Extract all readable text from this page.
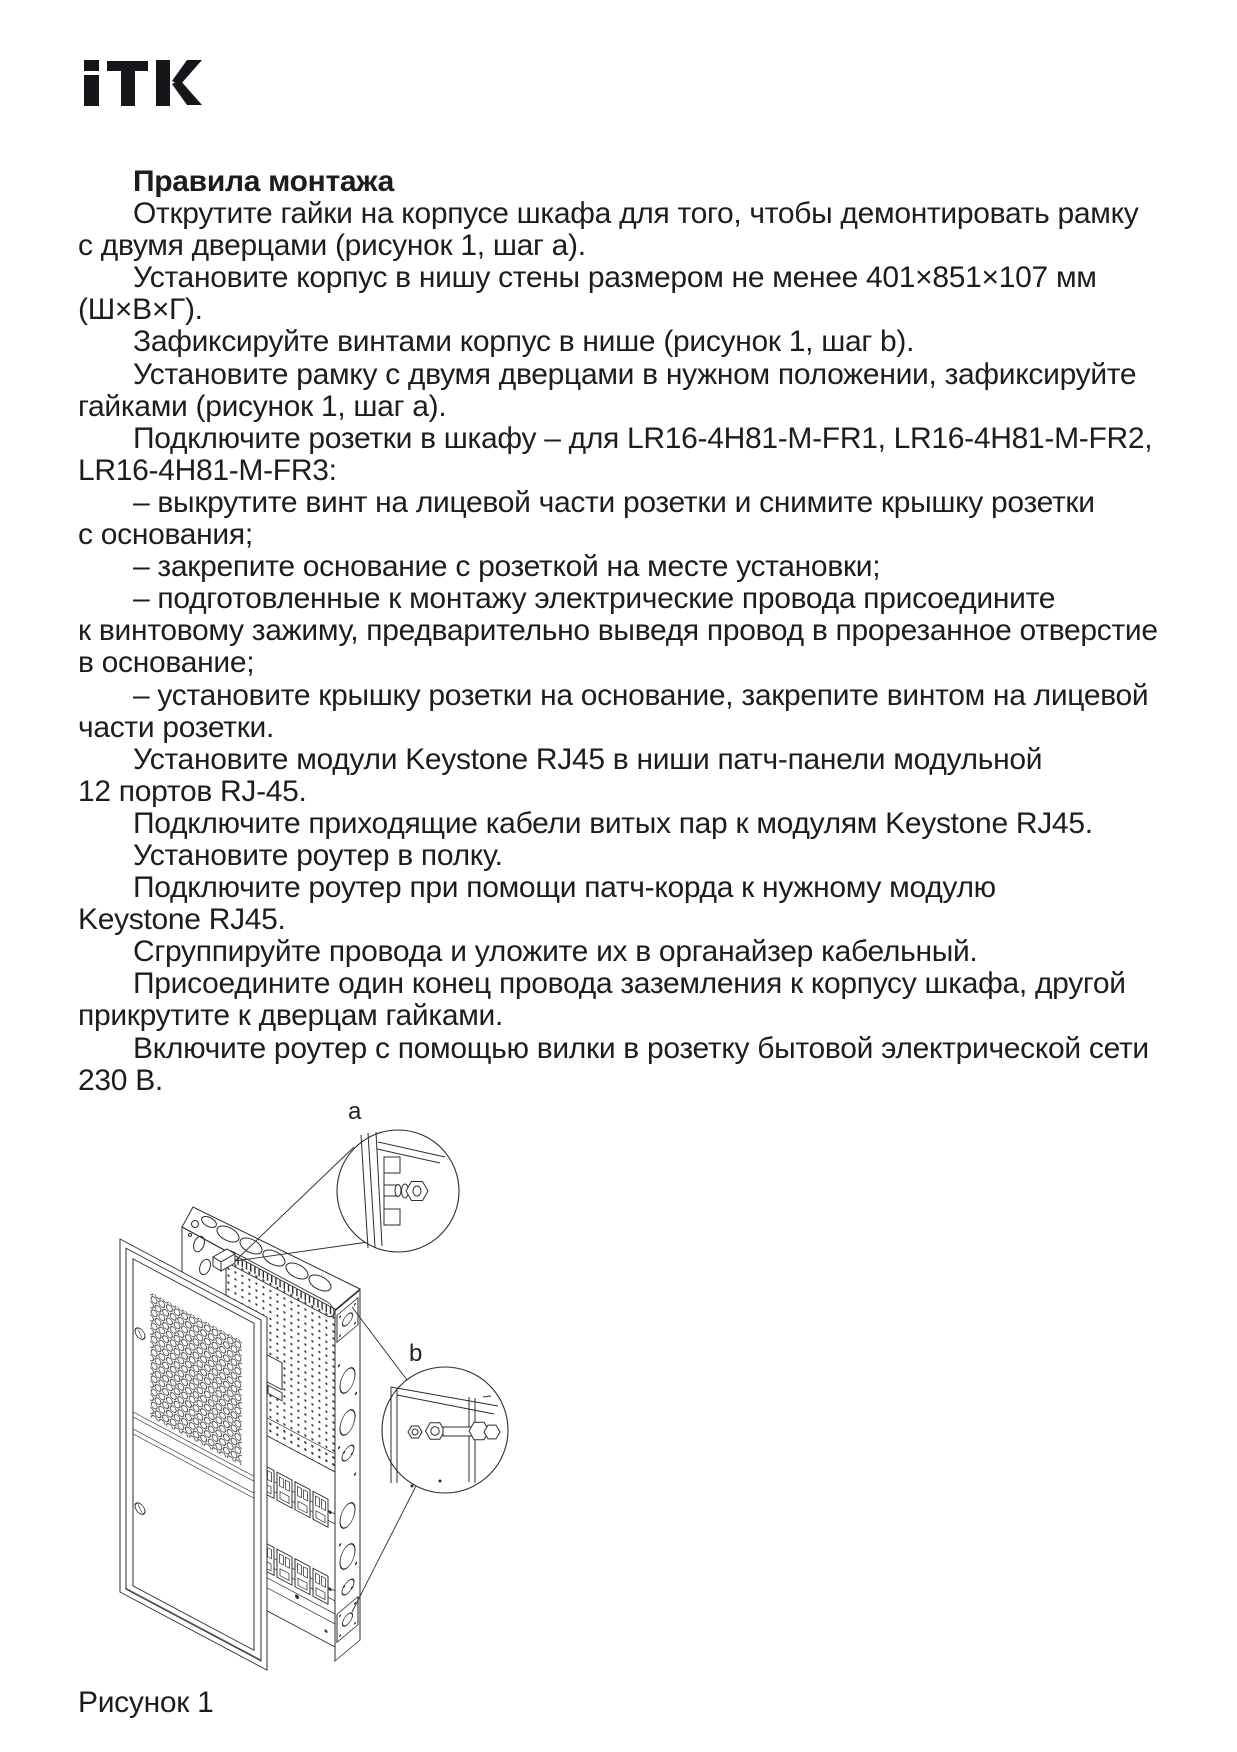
Правила монтажа
Открутите гайки на корпусе шкафа для того, чтобы демонтировать рамку
с двумя дверцами (рисунок 1, шаг a).
Установите корпус в нишу стены размером не менее 401×851×107 мм
(Ш×В×Г).
Зафиксируйте винтами корпус в нише (рисунок 1, шаг b).
Установите рамку с двумя дверцами в нужном положении, зафиксируйте
гайками (рисунок 1, шаг a).
Подключите розетки в шкафу – для LR16-4H81-M-FR1, LR16-4H81-M-FR2,
LR16-4H81-M-FR3:
– выкрутите винт на лицевой части розетки и снимите крышку розетки
с основания;
– закрепите основание с розеткой на месте установки;
– подготовленные к монтажу электрические провода присоедините
к винтовому зажиму, предварительно выведя провод в прорезанное отверстие
в основание;
– установите крышку розетки на основание, закрепите винтом на лицевой
части розетки.
Установите модули Keystone RJ45 в ниши патч-панели модульной
12 портов RJ-45.
Подключите приходящие кабели витых пар к модулям Keystone RJ45.
Установите роутер в полку.
Подключите роутер при помощи патч-корда к нужному модулю
Keystone RJ45.
Сгруппируйте провода и уложите их в органайзер кабельный.
Присоедините один конец провода заземления к корпусу шкафа, другой
прикрутите к дверцам гайками.
Включите роутер с помощью вилки в розетку бытовой электрической сети
230 В.
a
b
Рисунок 1
